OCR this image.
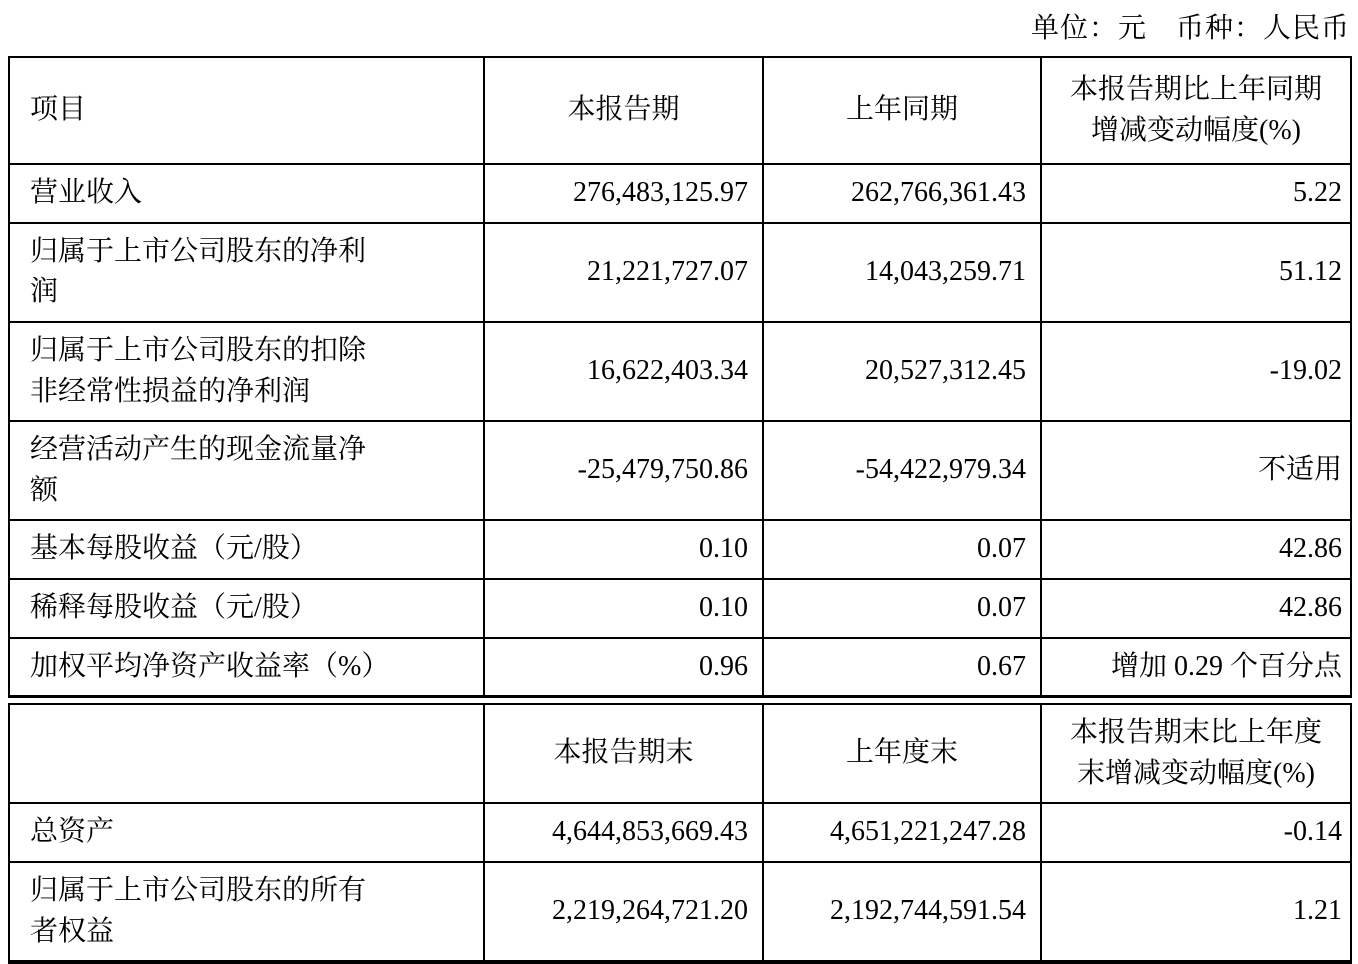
单位：元　币种：人民币
项目	本报告期	上年同期	本报告期比上年同期
增减变动幅度(%)

营业收入	276,483,125.97	262,766,361.43	5.22
归属于上市公司股东的净利润	21,221,727.07	14,043,259.71	51.12
归属于上市公司股东的扣除非经常性损益的净利润	16,622,403.34	20,527,312.45	-19.02
经营活动产生的现金流量净额	-25,479,750.86	-54,422,979.34	不适用
基本每股收益（元/股）	0.10	0.07	42.86
稀释每股收益（元/股）	0.10	0.07	42.86
加权平均净资产收益率（%）	0.96	0.67	增加 0.29 个百分点
	本报告期末	上年度末	本报告期末比上年度
末增减变动幅度(%)

总资产	4,644,853,669.43	4,651,221,247.28	-0.14
归属于上市公司股东的所有者权益	2,219,264,721.20	2,192,744,591.54	1.21
